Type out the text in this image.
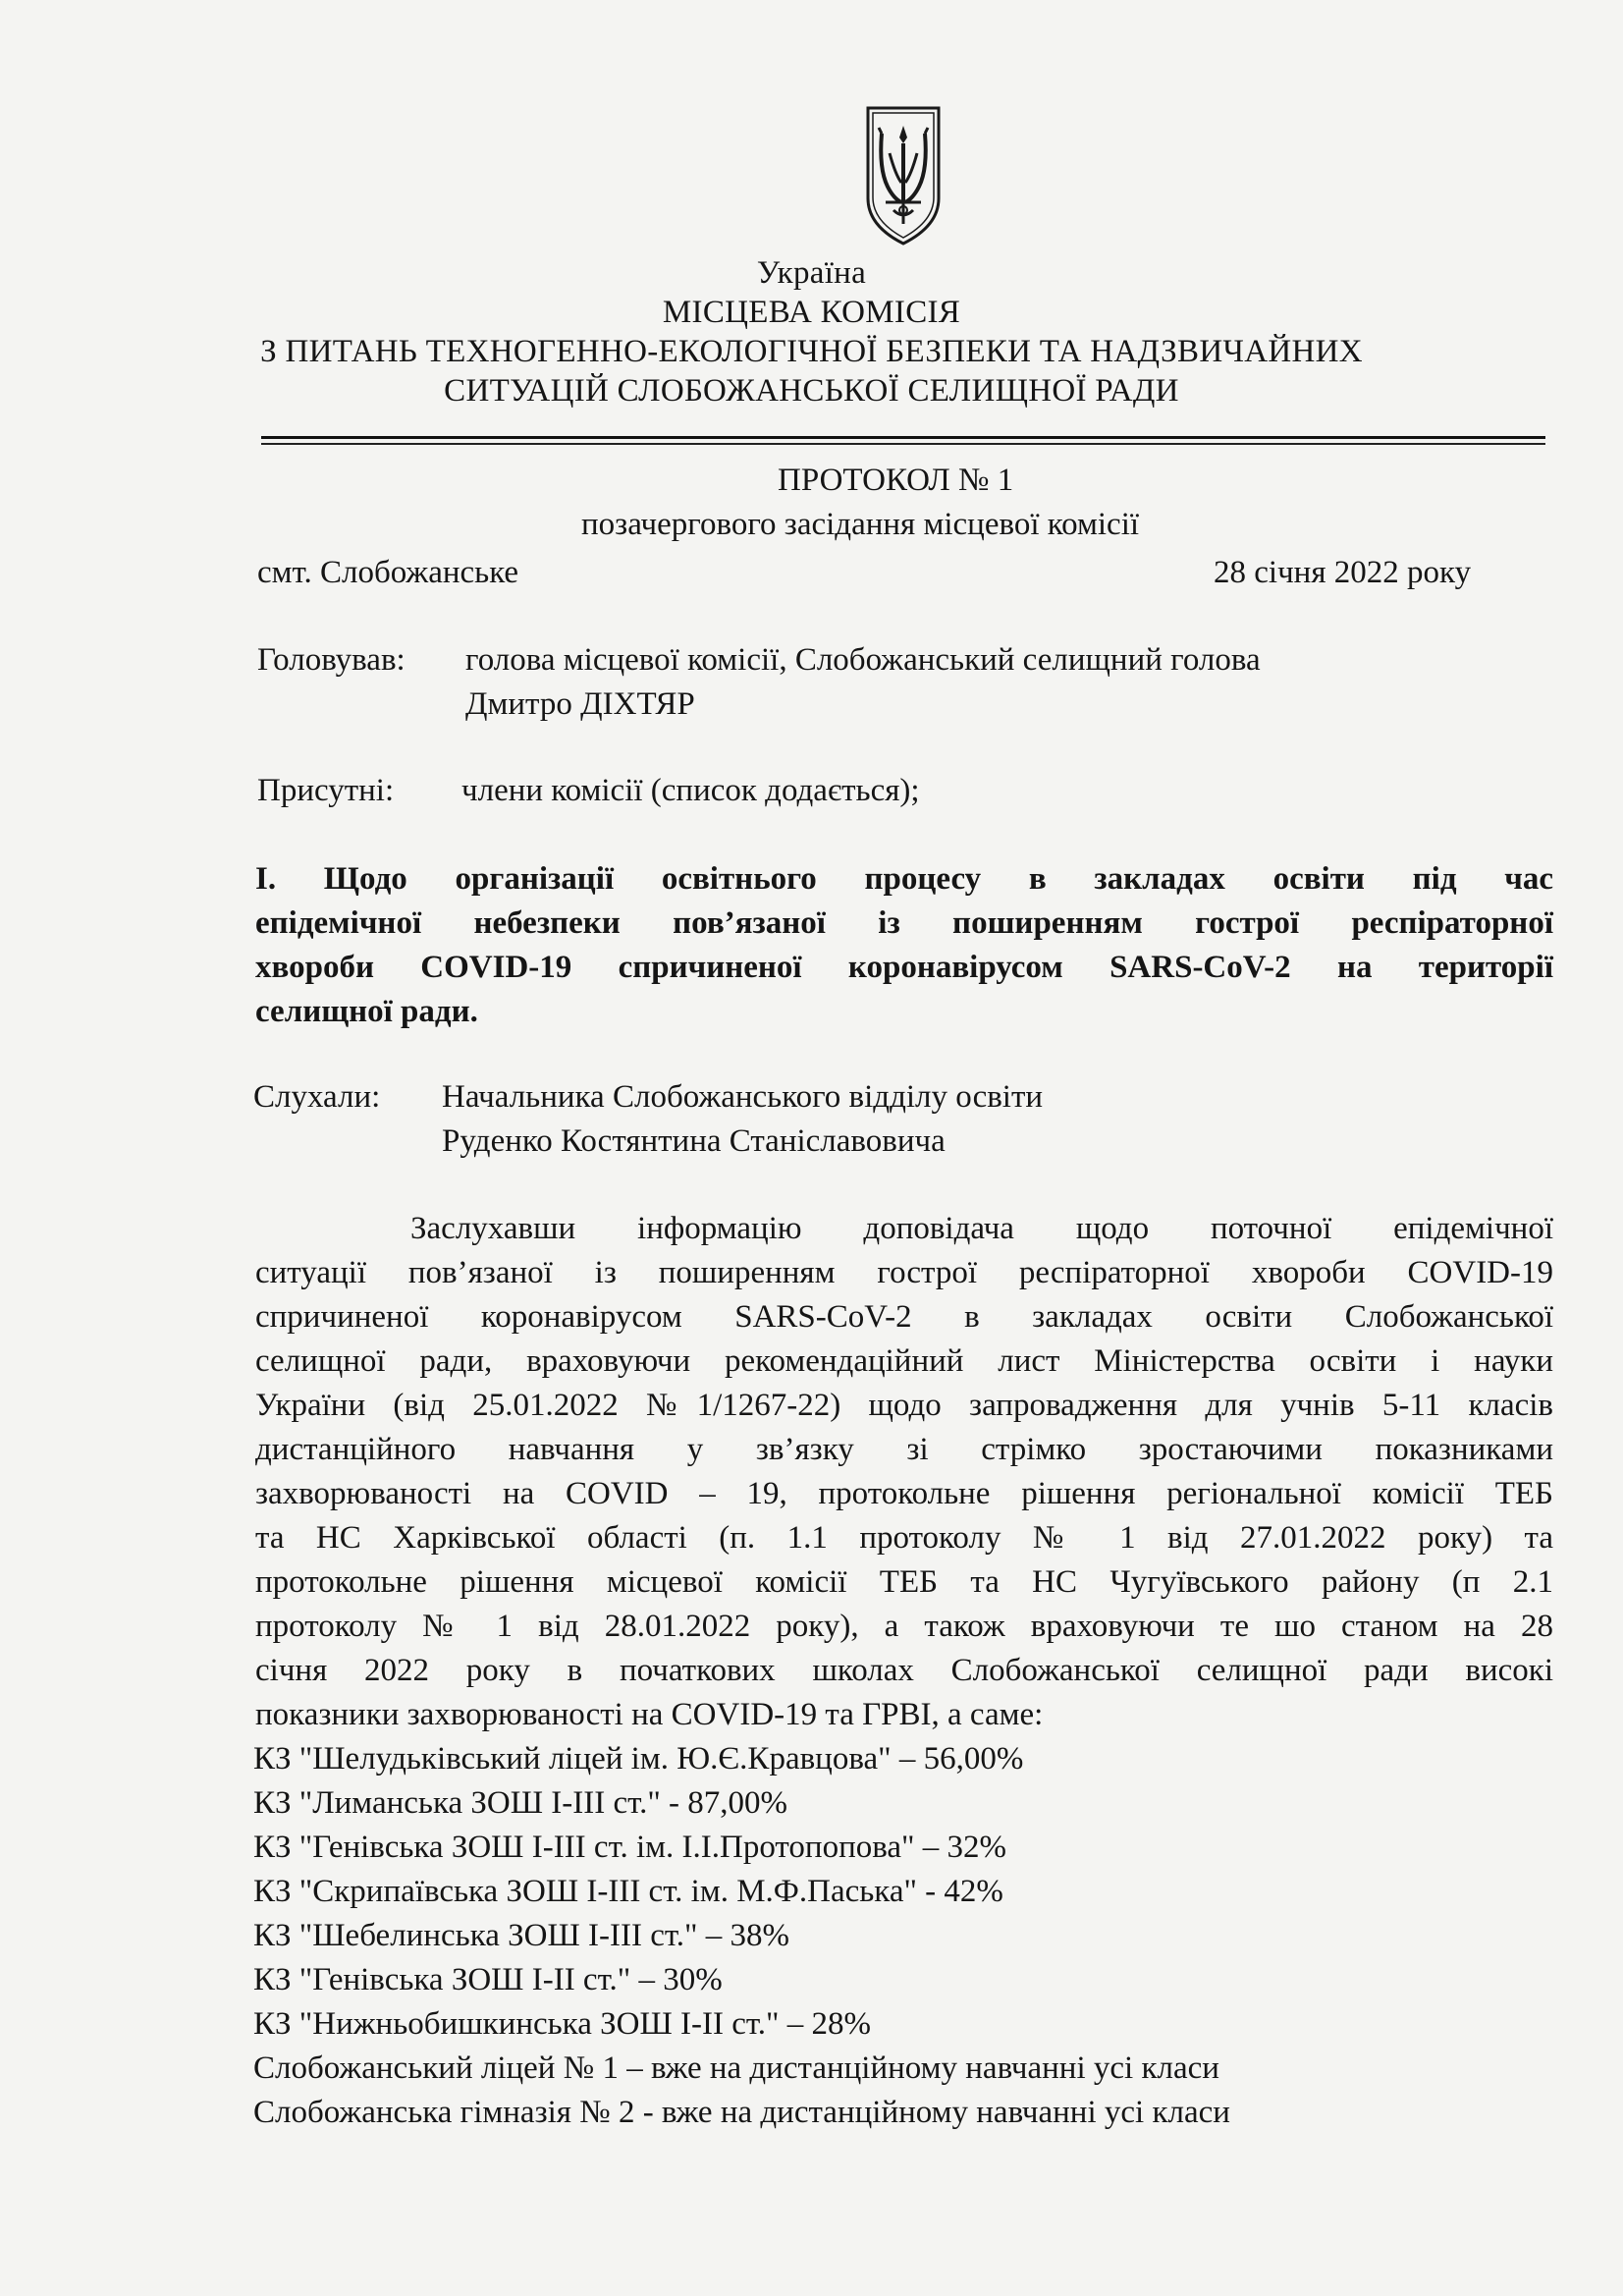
Україна
МІСЦЕВА КОМІСІЯ
З ПИТАНЬ ТЕХНОГЕННО-ЕКОЛОГІЧНОЇ БЕЗПЕКИ ТА НАДЗВИЧАЙНИХ
СИТУАЦІЙ СЛОБОЖАНСЬКОЇ СЕЛИЩНОЇ РАДИ
ПРОТОКОЛ № 1
позачергового засідання місцевої комісії
смт. Слобожанське	28 січня 2022 року
Головував: голова місцевої комісії, Слобожанський селищний голова
Дмитро ДІХТЯР
Присутні: члени комісії (список додається);
І. Щодо організації освітнього процесу в закладах освіти під час
епідемічної небезпеки пов’язаної із поширенням гострої респіраторної
хвороби COVID-19 спричиненої коронавірусом SARS-CoV-2 на території
селищної ради.
Слухали: Начальника Слобожанського відділу освіти
Руденко Костянтина Станіславовича
Заслухавши інформацію доповідача щодо поточної епідемічної
ситуації пов’язаної із поширенням гострої респіраторної хвороби COVID-19
спричиненої коронавірусом SARS-CoV-2 в закладах освіти Слобожанської
селищної ради, враховуючи рекомендаційний лист Міністерства освіти і науки
України (від 25.01.2022 №1/1267-22) щодо запровадження для учнів 5-11 класів
дистанційного навчання у зв’язку зі стрімко зростаючими показниками
захворюваності на COVID – 19, протокольне рішення регіональної комісії ТЕБ
та НС Харківської області (п. 1.1 протоколу № 1 від 27.01.2022 року) та
протокольне рішення місцевої комісії ТЕБ та НС Чугуївського району (п 2.1
протоколу № 1 від 28.01.2022 року), а також враховуючи те шо станом на 28
січня 2022 року в початкових школах Слобожанської селищної ради високі
показники захворюваності на COVID-19 та ГРВІ, а саме:
КЗ "Шелудьківський ліцей ім. Ю.Є.Кравцова" – 56,00%
КЗ "Лиманська ЗОШ І-ІІІ ст." - 87,00%
КЗ "Генівська ЗОШ І-ІІІ ст. ім. І.І.Протопопова" – 32%
КЗ "Скрипаївська ЗОШ І-ІІІ ст. ім. М.Ф.Паська" - 42%
КЗ "Шебелинська ЗОШ І-ІІІ ст." – 38%
КЗ "Генівська ЗОШ І-ІІ ст." – 30%
КЗ "Нижньобишкинська ЗОШ І-ІІ ст." – 28%
Слобожанський ліцей № 1 – вже на дистанційному навчанні усі класи
Слобожанська гімназія № 2 - вже на дистанційному навчанні усі класи
